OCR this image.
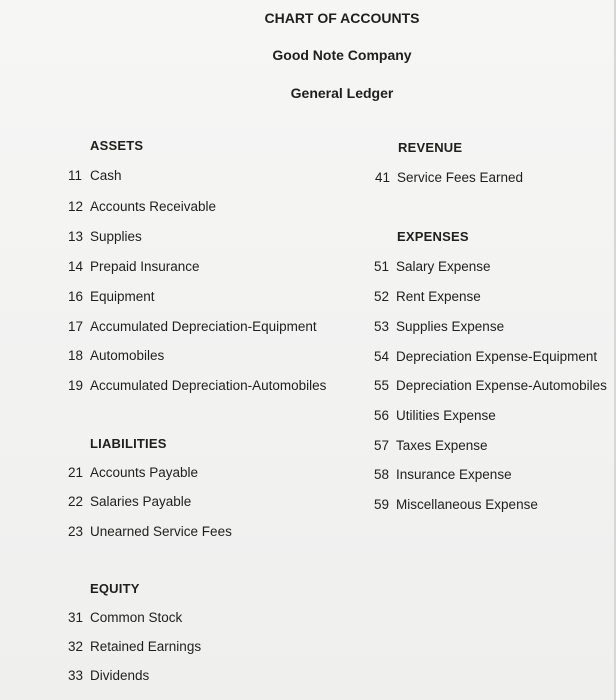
CHART OF ACCOUNTS
Good Note Company
General Ledger
ASSETS
11 Cash
12 Accounts Receivable
13 Supplies
14 Prepaid Insurance
16 Equipment
17 Accumulated Depreciation-Equipment
18 Automobiles
19 Accumulated Depreciation-Automobiles
LIABILITIES
21 Accounts Payable
22 Salaries Payable
23 Unearned Service Fees
EQUITY
31 Common Stock
32 Retained Earnings
33 Dividends
REVENUE
41 Service Fees Earned
EXPENSES
51 Salary Expense
52 Rent Expense
53 Supplies Expense
54 Depreciation Expense-Equipment
55 Depreciation Expense-Automobiles
56 Utilities Expense
57 Taxes Expense
58 Insurance Expense
59 Miscellaneous Expense
